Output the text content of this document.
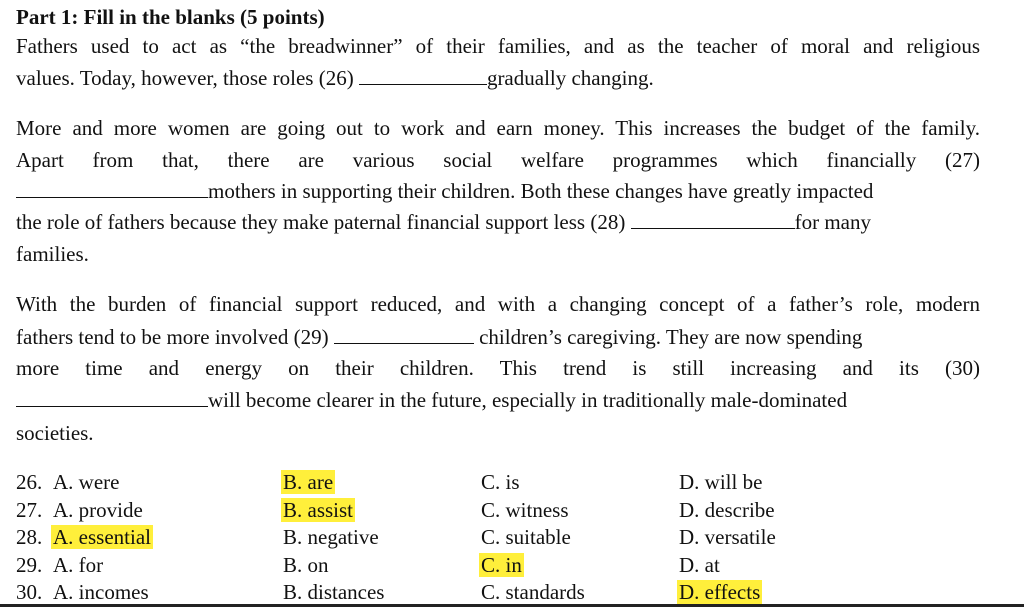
Part 1: Fill in the blanks (5 points)
Fathers used to act as “the breadwinner” of their families, and as the teacher of moral and religious
values. Today, however, those roles (26)	gradually changing.
More and more women are going out to work and earn money. This increases the budget of the family.
Apart from that, there are various social welfare programmes which financially (27)
mothers in supporting their children. Both these changes have greatly impacted
the role of fathers because they make paternal financial support less (28)	for many
families.
With the burden of financial support reduced, and with a changing concept of a father’s role, modern
fathers tend to be more involved (29)	children’s caregiving. They are now spending
more time and energy on their children. This trend is still increasing and its (30)
will become clearer in the future, especially in traditionally male-dominated
societies.
26. A. were	B. are	C. is	D. will be
27. A. provide	B. assist	C. witness	D. describe
28. A. essential	B. negative	C. suitable	D. versatile
29. A. for	B. on	C. in	D. at
30. A. incomes	B. distances	C. standards	D. effects
